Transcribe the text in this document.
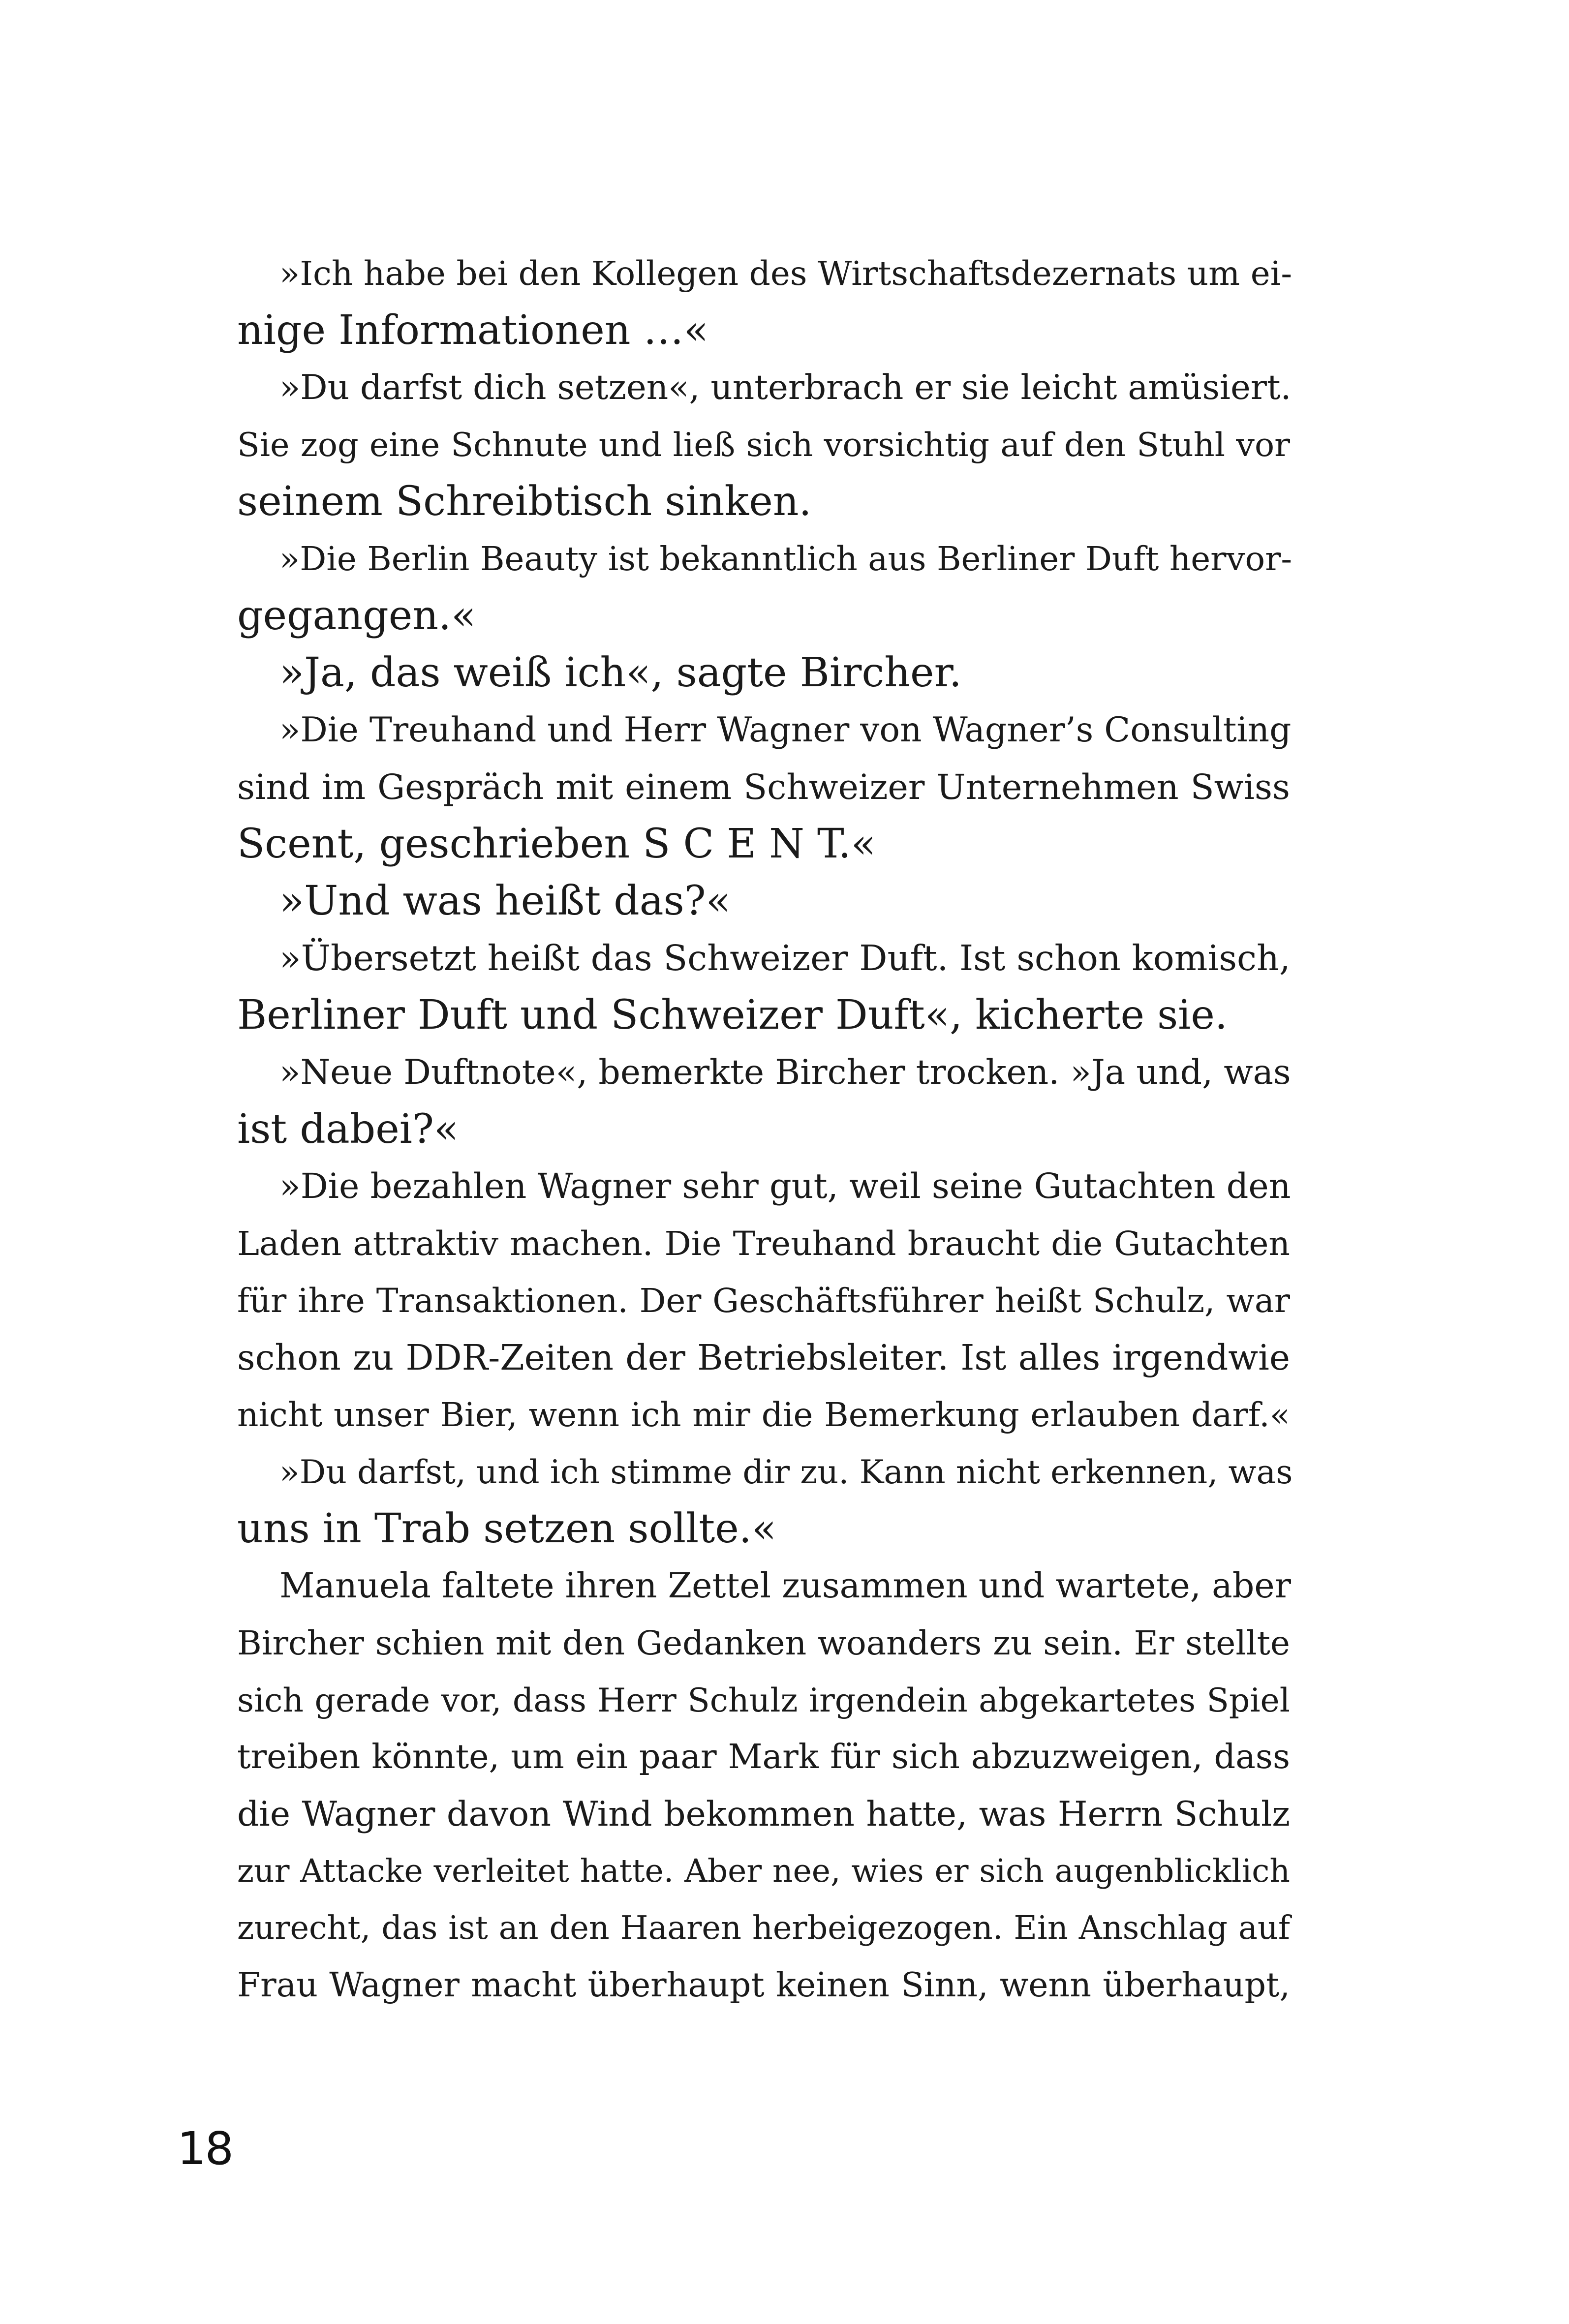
»Ich habe bei den Kollegen des Wirtschaftsdezernats um ei-
nige Informationen …«
»Du darfst dich setzen«, unterbrach er sie leicht amüsiert.
Sie zog eine Schnute und ließ sich vorsichtig auf den Stuhl vor
seinem Schreibtisch sinken.
»Die Berlin Beauty ist bekanntlich aus Berliner Duft hervor-
gegangen.«
»Ja, das weiß ich«, sagte Bircher.
»Die Treuhand und Herr Wagner von Wagner’s Consulting
sind im Gespräch mit einem Schweizer Unternehmen Swiss
Scent, geschrieben S C E N T.«
»Und was heißt das?«
»Übersetzt heißt das Schweizer Duft. Ist schon komisch,
Berliner Duft und Schweizer Duft«, kicherte sie.
»Neue Duftnote«, bemerkte Bircher trocken. »Ja und, was
ist dabei?«
»Die bezahlen Wagner sehr gut, weil seine Gutachten den
Laden attraktiv machen. Die Treuhand braucht die Gutachten
für ihre Transaktionen. Der Geschäftsführer heißt Schulz, war
schon zu DDR-Zeiten der Betriebsleiter. Ist alles irgendwie
nicht unser Bier, wenn ich mir die Bemerkung erlauben darf.«
»Du darfst, und ich stimme dir zu. Kann nicht erkennen, was
uns in Trab setzen sollte.«
Manuela faltete ihren Zettel zusammen und wartete, aber
Bircher schien mit den Gedanken woanders zu sein. Er stellte
sich gerade vor, dass Herr Schulz irgendein abgekartetes Spiel
treiben könnte, um ein paar Mark für sich abzuzweigen, dass
die Wagner davon Wind bekommen hatte, was Herrn Schulz
zur Attacke verleitet hatte. Aber nee, wies er sich augenblicklich
zurecht, das ist an den Haaren herbeigezogen. Ein Anschlag auf
Frau Wagner macht überhaupt keinen Sinn, wenn überhaupt,
18
